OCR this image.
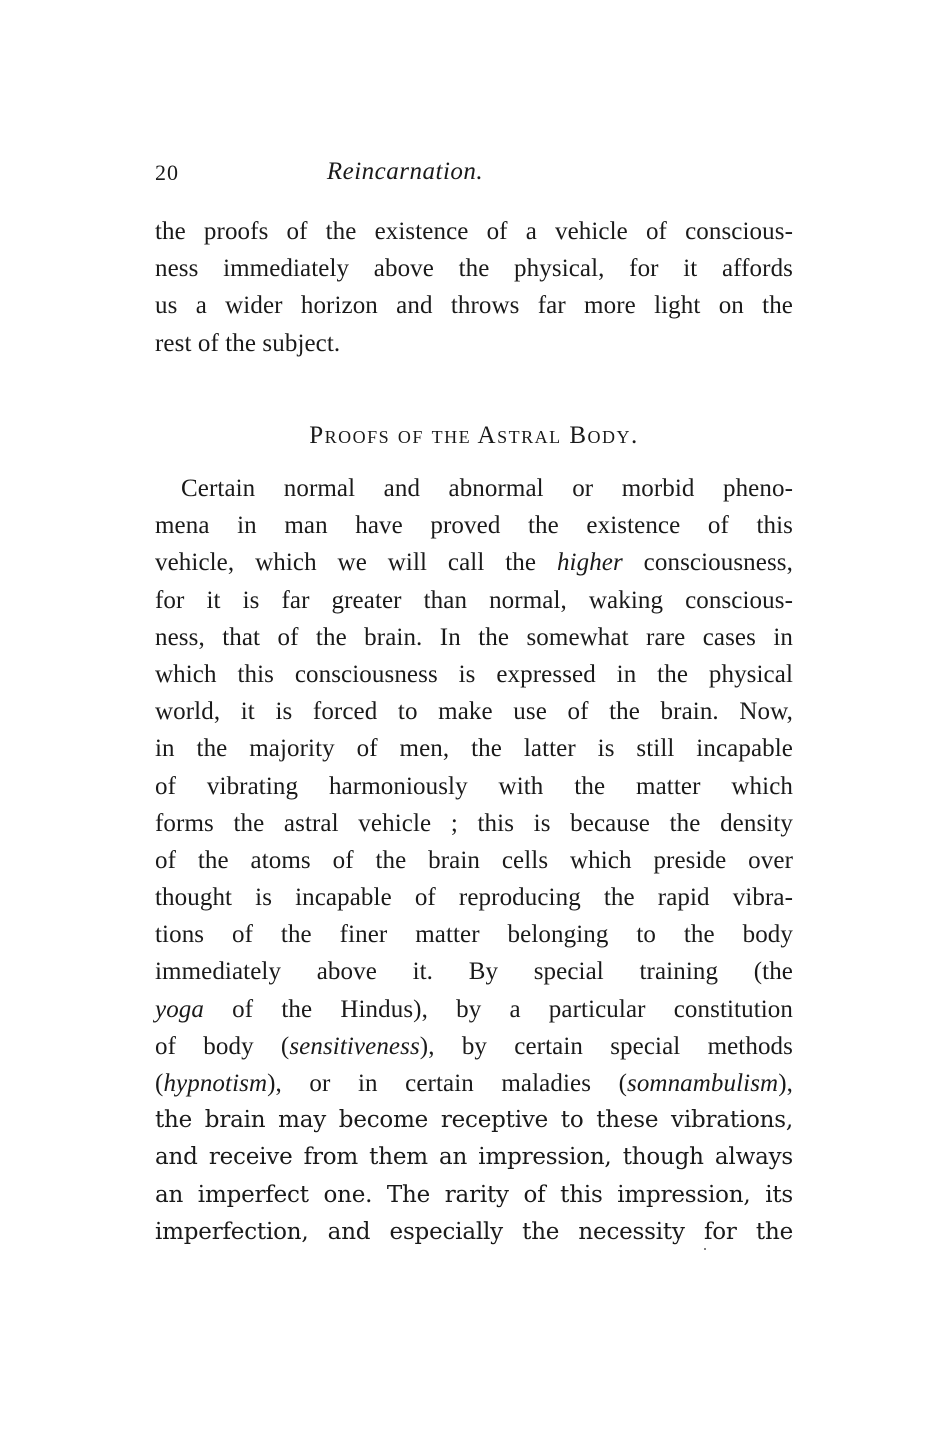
20	Reincarnation.
the proofs of the existence of a vehicle of conscious-
ness immediately above the physical, for it affords
us a wider horizon and throws far more light on the
rest of the subject.
Proofs of the Astral Body.
Certain normal and abnormal or morbid pheno-
mena in man have proved the existence of this
vehicle, which we will call the higher consciousness,
for it is far greater than normal, waking conscious-
ness, that of the brain. In the somewhat rare cases in
which this consciousness is expressed in the physical
world, it is forced to make use of the brain. Now,
in the majority of men, the latter is still incapable
of vibrating harmoniously with the matter which
forms the astral vehicle ; this is because the density
of the atoms of the brain cells which preside over
thought is incapable of reproducing the rapid vibra-
tions of the finer matter belonging to the body
immediately above it. By special training (the
yoga of the Hindus), by a particular constitution
of body (sensitiveness), by certain special methods
(hypnotism), or in certain maladies (somnambulism),
the brain may become receptive to these vibrations,
and receive from them an impression, though always
an imperfect one. The rarity of this impression, its
imperfection, and especially the necessity for the
